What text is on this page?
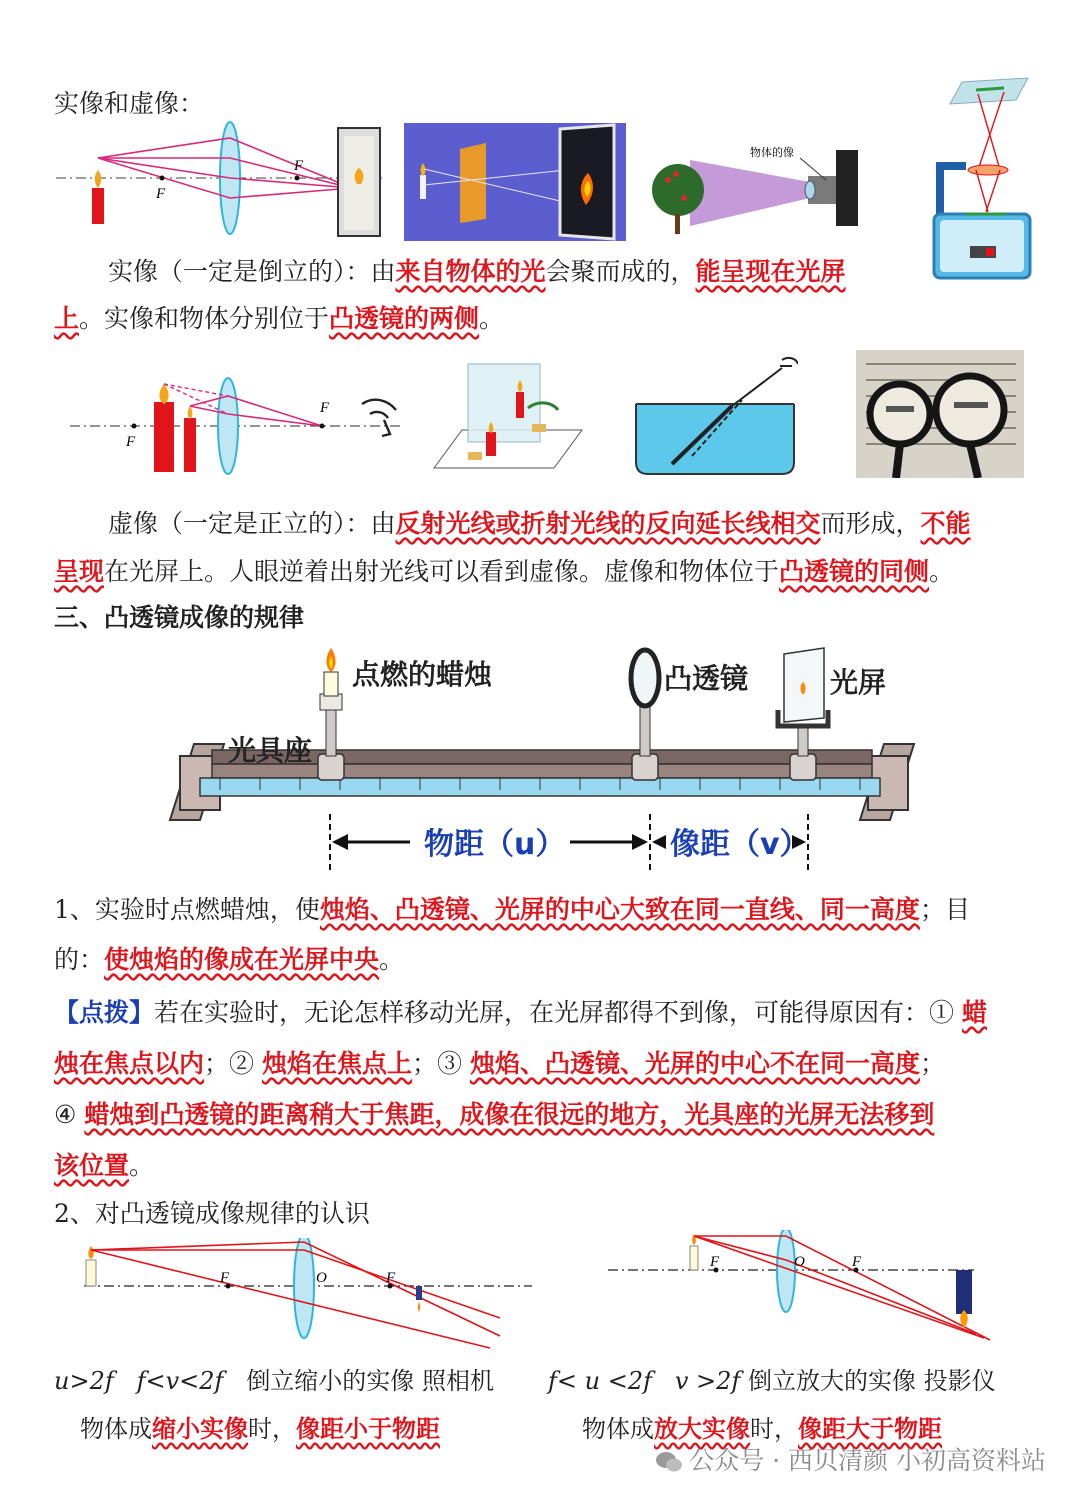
实像和虚像：
F
F
物体的像
实像（一定是倒立的）：由来自物体的光会聚而成的，能呈现在光屏
上。实像和物体分别位于凸透镜的两侧。
F
F
虚像（一定是正立的）：由反射光线或折射光线的反向延长线相交而形成，不能
呈现在光屏上。人眼逆着出射光线可以看到虚像。虚像和物体位于凸透镜的同侧。
三、凸透镜成像的规律
点燃的蜡烛	凸透镜	光屏
光具座
物距（u）	像距（v）
1、实验时点燃蜡烛，使烛焰、凸透镜、光屏的中心大致在同一直线、同一高度；目
的：使烛焰的像成在光屏中央。
【点拨】若在实验时，无论怎样移动光屏，在光屏都得不到像，可能得原因有：① 蜡
烛在焦点以内；② 烛焰在焦点上；③ 烛焰、凸透镜、光屏的中心不在同一高度；
④ 蜡烛到凸透镜的距离稍大于焦距，成像在很远的地方，光具座的光屏无法移到
该位置。
2、对凸透镜成像规律的认识
F	O	F
F	O	F
u>2f f<v<2f 倒立缩小的实像 照相机
物体成缩小实像时，像距小于物距
f< u <2f v >2f 倒立放大的实像 投影仪
物体成放大实像时，像距大于物距
公众号 · 西贝清颜 小初高资料站
